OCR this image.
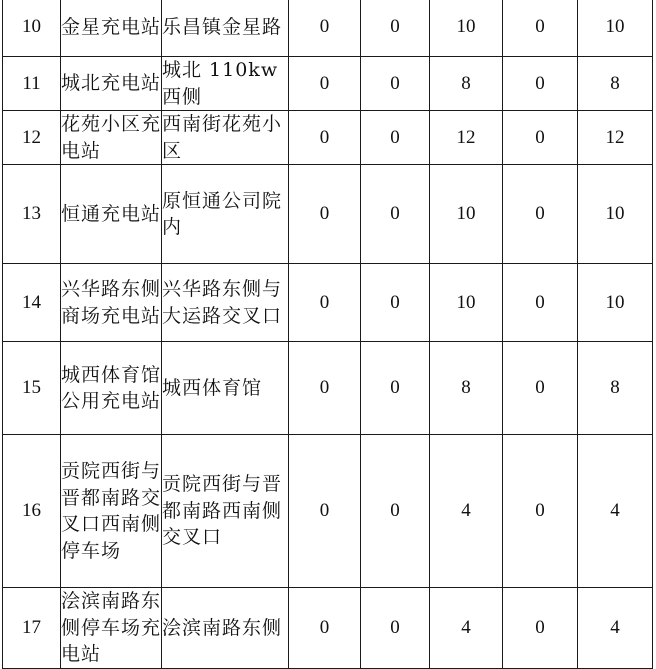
10	金星充电站	乐昌镇金星路	0	0	10	0	10
11	城北充电站	城北 110kw 西侧	0	0	8	0	8
12	花苑小区充电站	西南街花苑小区	0	0	12	0	12
13	恒通充电站	原恒通公司院内	0	0	10	0	10
14	兴华路东侧商场充电站	兴华路东侧与大运路交叉口	0	0	10	0	10
15	城西体育馆公用充电站	城西体育馆	0	0	8	0	8
16	贡院西街与晋都南路交叉口西南侧停车场	贡院西街与晋都南路西南侧交叉口	0	0	4	0	4
17	浍滨南路东侧停车场充电站	浍滨南路东侧	0	0	4	0	4
